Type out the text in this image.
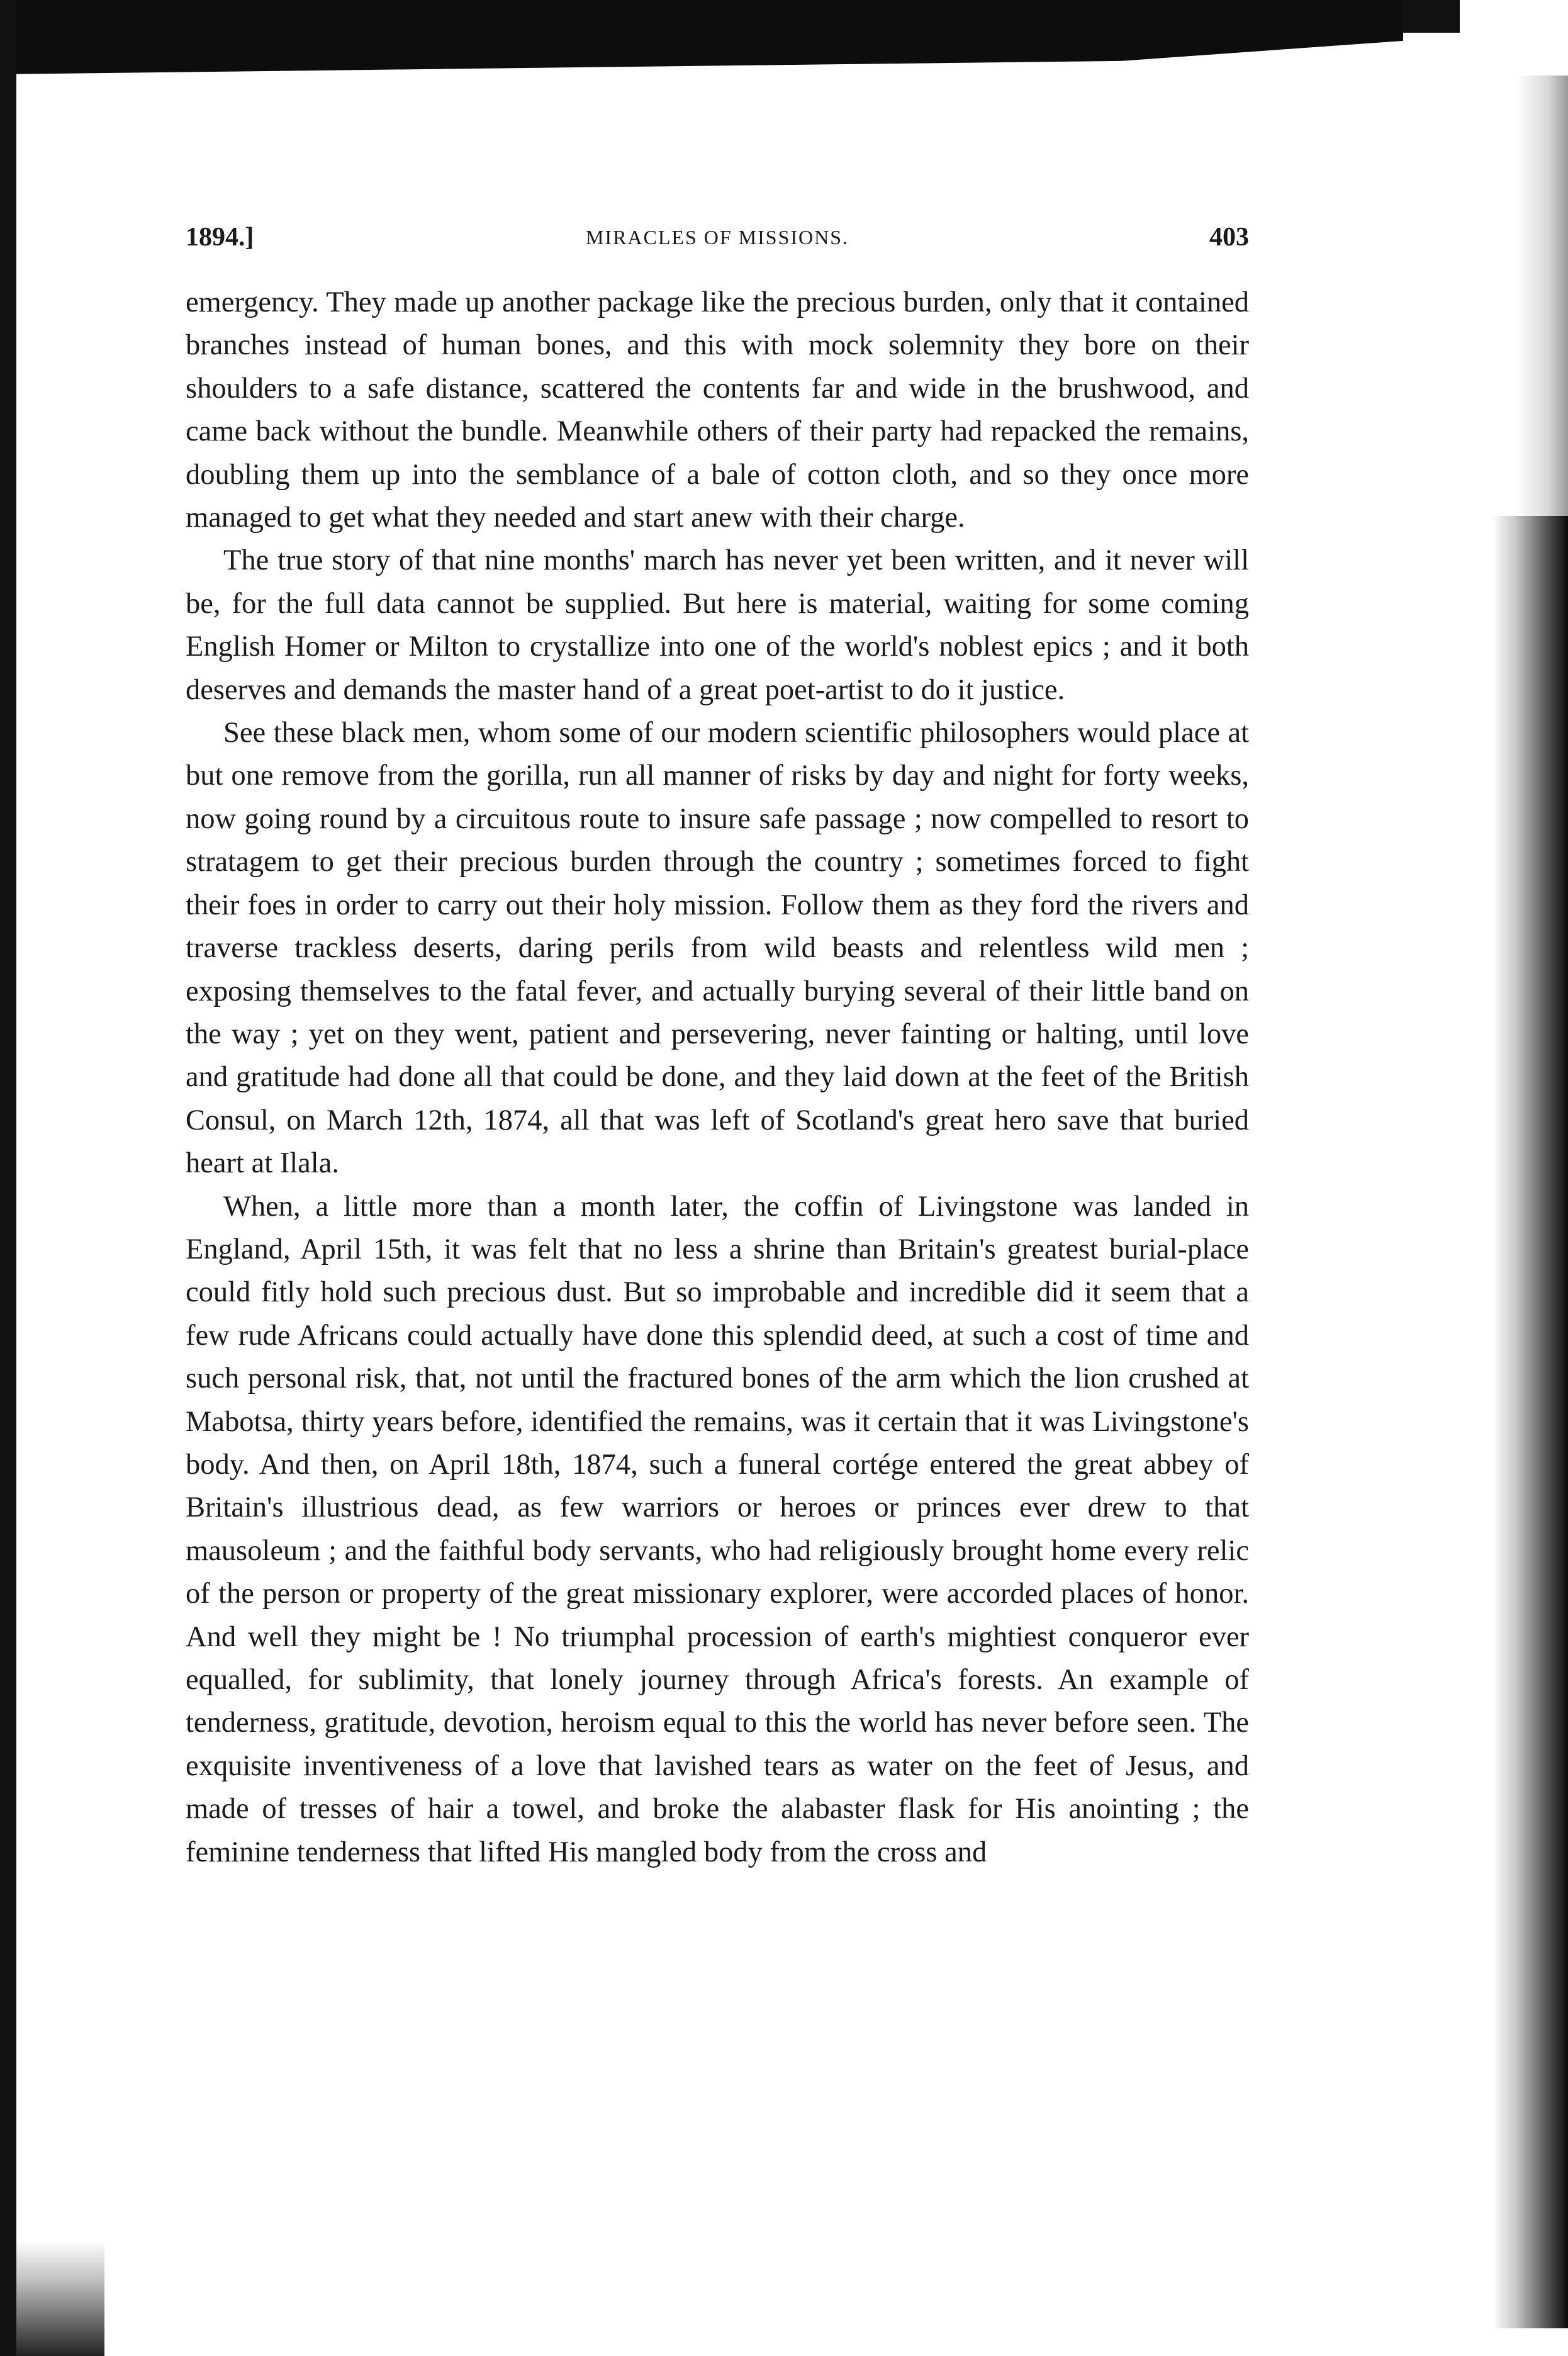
1894.]	MIRACLES OF MISSIONS.	403

emergency. They made up another package like the precious burden, only that it contained branches instead of human bones, and this with mock solemnity they bore on their shoulders to a safe distance, scattered the contents far and wide in the brushwood, and came back without the bundle. Meanwhile others of their party had repacked the remains, doubling them up into the semblance of a bale of cotton cloth, and so they once more managed to get what they needed and start anew with their charge.

The true story of that nine months' march has never yet been written, and it never will be, for the full data cannot be supplied. But here is material, waiting for some coming English Homer or Milton to crystallize into one of the world's noblest epics ; and it both deserves and demands the master hand of a great poet-artist to do it justice.

See these black men, whom some of our modern scientific philosophers would place at but one remove from the gorilla, run all manner of risks by day and night for forty weeks, now going round by a circuitous route to insure safe passage ; now compelled to resort to stratagem to get their precious burden through the country ; sometimes forced to fight their foes in order to carry out their holy mission. Follow them as they ford the rivers and traverse trackless deserts, daring perils from wild beasts and relentless wild men ; exposing themselves to the fatal fever, and actually burying several of their little band on the way ; yet on they went, patient and persevering, never fainting or halting, until love and gratitude had done all that could be done, and they laid down at the feet of the British Consul, on March 12th, 1874, all that was left of Scotland's great hero save that buried heart at Ilala.

When, a little more than a month later, the coffin of Livingstone was landed in England, April 15th, it was felt that no less a shrine than Britain's greatest burial-place could fitly hold such precious dust. But so improbable and incredible did it seem that a few rude Africans could actually have done this splendid deed, at such a cost of time and such personal risk, that, not until the fractured bones of the arm which the lion crushed at Mabotsa, thirty years before, identified the remains, was it certain that it was Livingstone's body. And then, on April 18th, 1874, such a funeral cortége entered the great abbey of Britain's illustrious dead, as few warriors or heroes or princes ever drew to that mausoleum ; and the faithful body servants, who had religiously brought home every relic of the person or property of the great missionary explorer, were accorded places of honor. And well they might be ! No triumphal procession of earth's mightiest conqueror ever equalled, for sublimity, that lonely journey through Africa's forests. An example of tenderness, gratitude, devotion, heroism equal to this the world has never before seen. The exquisite inventiveness of a love that lavished tears as water on the feet of Jesus, and made of tresses of hair a towel, and broke the alabaster flask for His anointing ; the feminine tenderness that lifted His mangled body from the cross and
